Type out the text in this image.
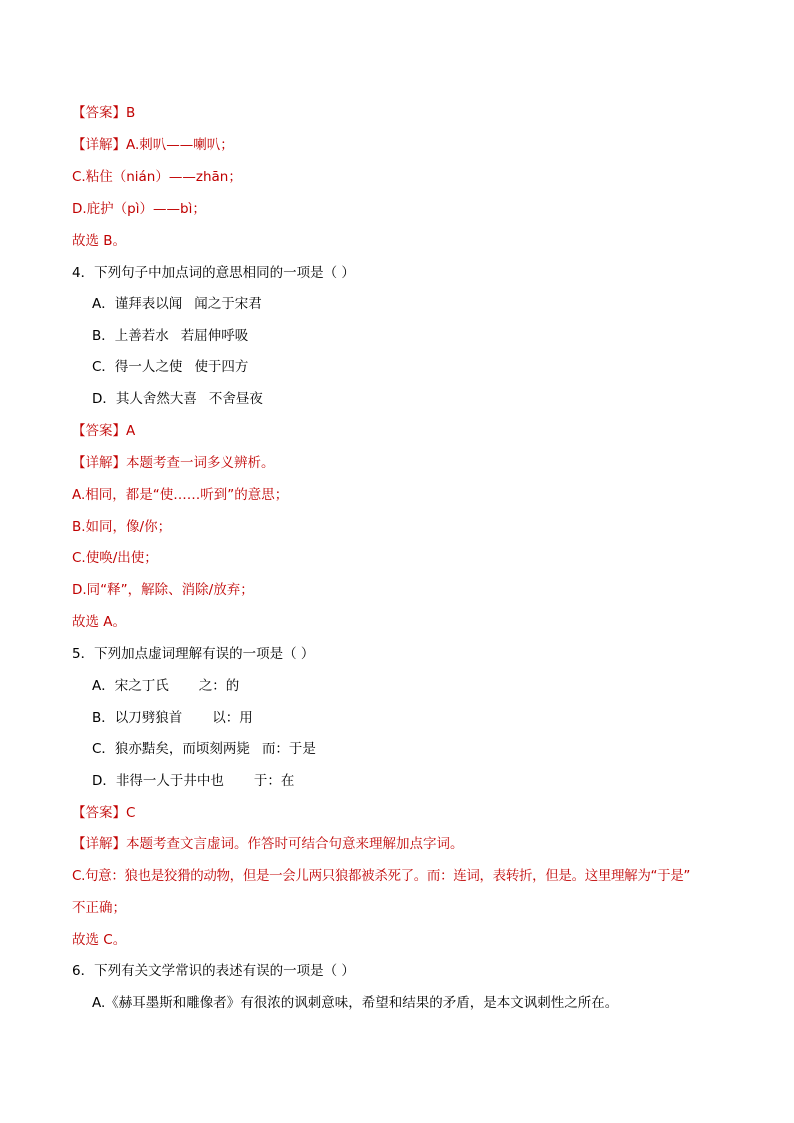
【答案】B
【详解】A.刺叭——喇叭；
C.粘住（nián）——zhān；
D.庇护（pì）——bì；
故选 B。
4．下列句子中加点词的意思相同的一项是（ ）
A．谨拜表以闻 闻之于宋君
B．上善若水 若屈伸呼吸
C．得一人之使 使于四方
D．其人舍然大喜 不舍昼夜
【答案】A
【详解】本题考查一词多义辨析。
A.相同，都是“使……听到”的意思；
B.如同，像/你；
C.使唤/出使；
D.同“释”，解除、消除/放弃；
故选 A。
5．下列加点虚词理解有误的一项是（ ）
A．宋之丁氏 之：的
B．以刀劈狼首 以：用
C．狼亦黠矣，而顷刻两毙 而：于是
D．非得一人于井中也 于：在
【答案】C
【详解】本题考查文言虚词。作答时可结合句意来理解加点字词。
C.句意：狼也是狡猾的动物，但是一会儿两只狼都被杀死了。而：连词，表转折，但是。这里理解为“于是”
不正确；
故选 C。
6．下列有关文学常识的表述有误的一项是（ ）
A.《赫耳墨斯和雕像者》有很浓的讽刺意味，希望和结果的矛盾，是本文讽刺性之所在。
